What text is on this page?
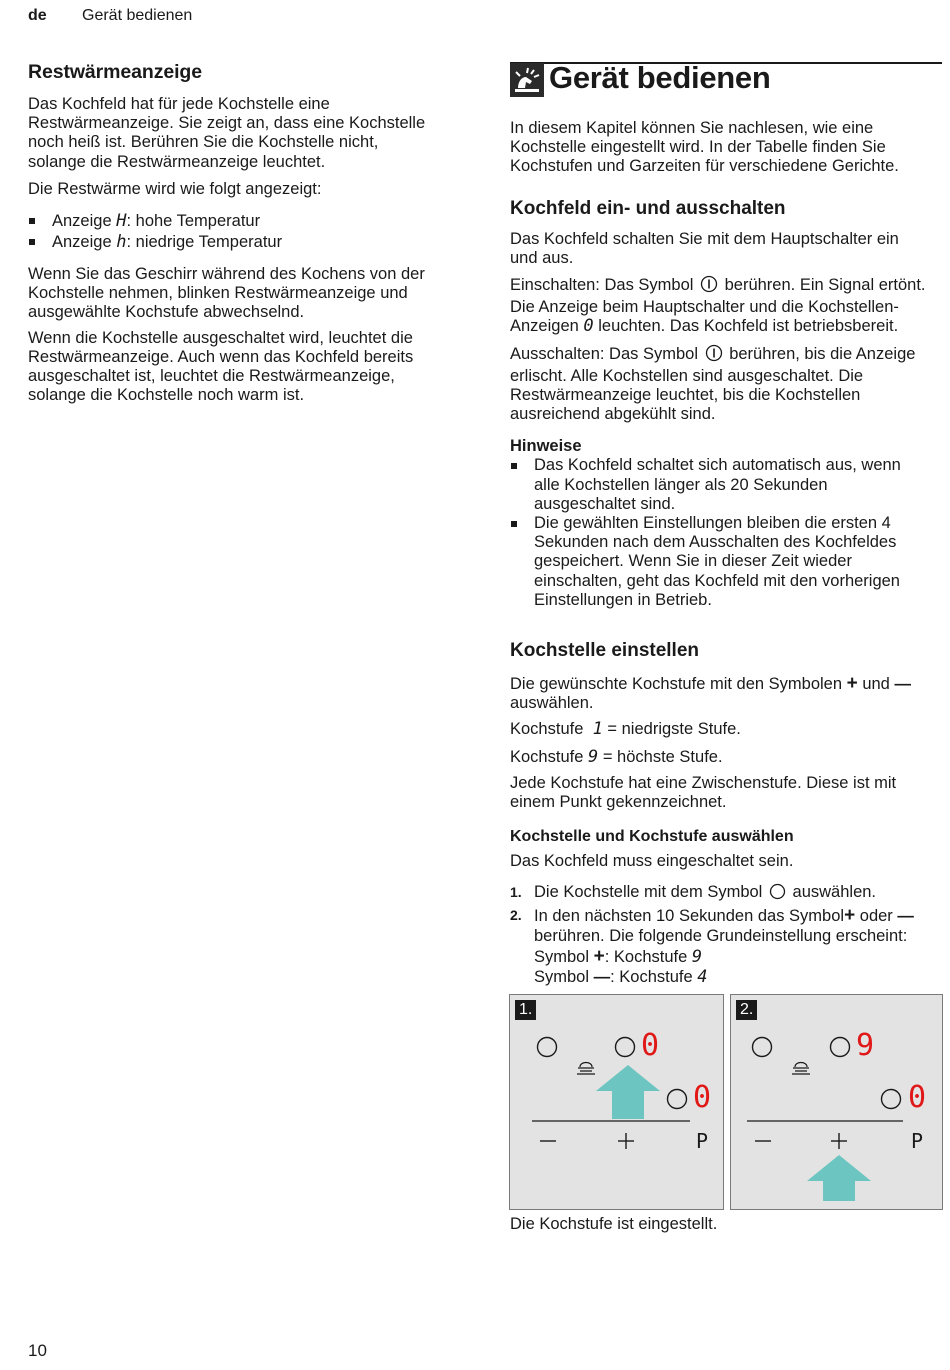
de Gerät bedienen
Restwärmeanzeige

Das Kochfeld hat für jede Kochstelle eine

Restwärmeanzeige. Sie zeigt an, dass eine Kochstelle

noch heiß ist. Berühren Sie die Kochstelle nicht,

solange die Restwärmeanzeige leuchtet.

Die Restwärme wird wie folgt angezeigt:

Anzeige H: hohe Temperatur
Anzeige h: niedrige Temperatur

Wenn Sie das Geschirr während des Kochens von der

Kochstelle nehmen, blinken Restwärmeanzeige und

ausgewählte Kochstufe abwechselnd.

Wenn die Kochstelle ausgeschaltet wird, leuchtet die

Restwärmeanzeige. Auch wenn das Kochfeld bereits

ausgeschaltet ist, leuchtet die Restwärmeanzeige,

solange die Kochstelle noch warm ist.

Gerät bedienen

In diesem Kapitel können Sie nachlesen, wie eine

Kochstelle eingestellt wird. In der Tabelle finden Sie

Kochstufen und Garzeiten für verschiedene Gerichte.

Kochfeld ein- und ausschalten

Das Kochfeld schalten Sie mit dem Hauptschalter ein

und aus.

Einschalten: Das Symbol berühren. Ein Signal ertönt.

Die Anzeige beim Hauptschalter und die Kochstellen-

Anzeigen 0 leuchten. Das Kochfeld ist betriebsbereit.

Ausschalten: Das Symbol berühren, bis die Anzeige

erlischt. Alle Kochstellen sind ausgeschaltet. Die

Restwärmeanzeige leuchtet, bis die Kochstellen

ausreichend abgekühlt sind.

Hinweise
Das Kochfeld schaltet sich automatisch aus, wenn
alle Kochstellen länger als 20 Sekunden
ausgeschaltet sind.
Die gewählten Einstellungen bleiben die ersten 4
Sekunden nach dem Ausschalten des Kochfeldes
gespeichert. Wenn Sie in dieser Zeit wieder
einschalten, geht das Kochfeld mit den vorherigen
Einstellungen in Betrieb.
Kochstelle einstellen

Die gewünschte Kochstufe mit den Symbolen + und —

auswählen.

Kochstufe 1 = niedrigste Stufe.

Kochstufe 9 = höchste Stufe.

Jede Kochstufe hat eine Zwischenstufe. Diese ist mit

einem Punkt gekennzeichnet.

Kochstelle und Kochstufe auswählen

Das Kochfeld muss eingeschaltet sein.

1. Die Kochstelle mit dem Symbol auswählen.
2. In den nächsten 10 Sekunden das Symbol+ oder —
berühren. Die folgende Grundeinstellung erscheint:
Symbol +: Kochstufe 9
Symbol —: Kochstufe 4
1.
0
0
P
2.
9
0
P

Die Kochstufe ist eingestellt.

10
